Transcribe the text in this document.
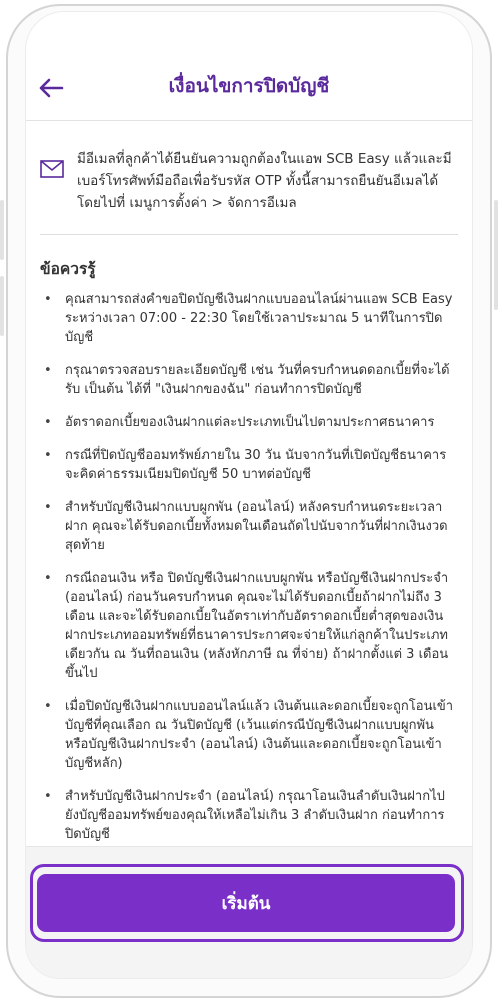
เงื่อนไขการปิดบัญชี
มีอีเมลที่ลูกค้าได้ยืนยันความถูกต้องในแอพ SCB Easy แล้วและมีเบอร์โทรศัพท์มือถือเพื่อรับรหัส OTP ทั้งนี้สามารถยืนยันอีเมลได้ โดยไปที่ เมนูการตั้งค่า > จัดการอีเมล
ข้อควรรู้
• คุณสามารถส่งคำขอปิดบัญชีเงินฝากแบบออนไลน์ผ่านแอพ SCB Easy ระหว่างเวลา 07:00 - 22:30 โดยใช้เวลาประมาณ 5 นาทีในการปิดบัญชี
• กรุณาตรวจสอบรายละเอียดบัญชี เช่น วันที่ครบกำหนดดอกเบี้ยที่จะได้รับ เป็นต้น ได้ที่ "เงินฝากของฉัน" ก่อนทำการปิดบัญชี
• อัตราดอกเบี้ยของเงินฝากแต่ละประเภทเป็นไปตามประกาศธนาคาร
• กรณีที่ปิดบัญชีออมทรัพย์ภายใน 30 วัน นับจากวันที่เปิดบัญชีธนาคารจะคิดค่าธรรมเนียมปิดบัญชี 50 บาทต่อบัญชี
• สำหรับบัญชีเงินฝากแบบผูกพัน (ออนไลน์) หลังครบกำหนดระยะเวลาฝาก คุณจะได้รับดอกเบี้ยทั้งหมดในเดือนถัดไปนับจากวันที่ฝากเงินงวดสุดท้าย
• กรณีถอนเงิน หรือ ปิดบัญชีเงินฝากแบบผูกพัน หรือบัญชีเงินฝากประจำ (ออนไลน์) ก่อนวันครบกำหนด คุณจะไม่ได้รับดอกเบี้ยถ้าฝากไม่ถึง 3 เดือน และจะได้รับดอกเบี้ยในอัตราเท่ากับอัตราดอกเบี้ยต่ำสุดของเงินฝากประเภทออมทรัพย์ที่ธนาคารประกาศจะจ่ายให้แก่ลูกค้าในประเภทเดียวกัน ณ วันที่ถอนเงิน (หลังหักภาษี ณ ที่จ่าย) ถ้าฝากตั้งแต่ 3 เดือนขึ้นไป
• เมื่อปิดบัญชีเงินฝากแบบออนไลน์แล้ว เงินต้นและดอกเบี้ยจะถูกโอนเข้าบัญชีที่คุณเลือก ณ วันปิดบัญชี (เว้นแต่กรณีบัญชีเงินฝากแบบผูกพัน หรือบัญชีเงินฝากประจำ (ออนไลน์) เงินต้นและดอกเบี้ยจะถูกโอนเข้าบัญชีหลัก)
• สำหรับบัญชีเงินฝากประจำ (ออนไลน์) กรุณาโอนเงินลำดับเงินฝากไปยังบัญชีออมทรัพย์ของคุณให้เหลือไม่เกิน 3 ลำดับเงินฝาก ก่อนทำการปิดบัญชี
เริ่มต้น
